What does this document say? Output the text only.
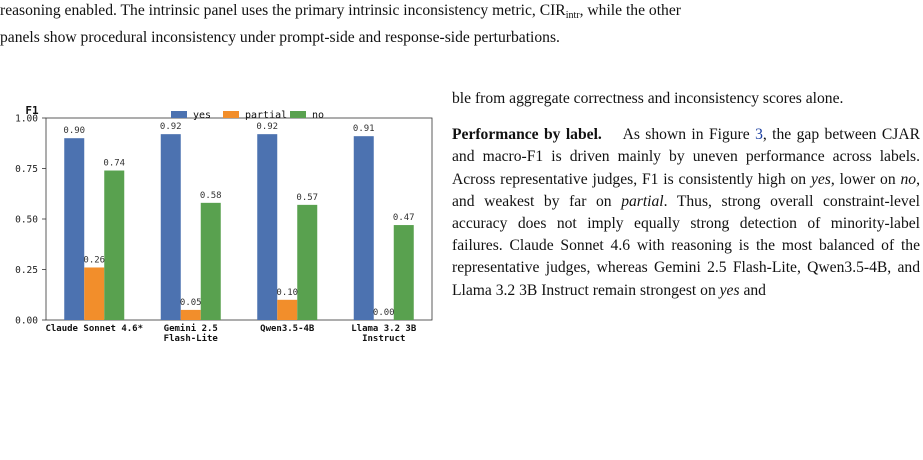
reasoning enabled. The intrinsic panel uses the primary intrinsic inconsistency metric, $CIR_{intr}$, while the other

panels show procedural inconsistency under prompt-side and response-side perturbations.

0.00
0.25
0.50
0.75
1.00
F1
Claude Sonnet 4.6* Gemini 2.5
Flash-Lite
Qwen3.5-4B	Llama 3.2 3B
Instruct
0.90
0.26
0.74
0.92
0.05
0.58
0.92
0.10
0.57
0.91
0.00
0.47
yes	partial no

ble from aggregate correctness and inconsistency scores alone.

Performance by label. As shown in Figure 3, the gap between CJAR and macro-F1 is driven mainly by uneven performance across labels. Across representative judges, F1 is consistently high on yes, lower on no, and weakest by far on partial. Thus, strong overall constraint-level accuracy does not imply equally strong detection of minority-label failures. Claude Sonnet 4.6 with reasoning is the most balanced of the representative judges, whereas Gemini 2.5 Flash-Lite, Qwen3.5-4B, and Llama 3.2 3B Instruct remain strongest on yes and
